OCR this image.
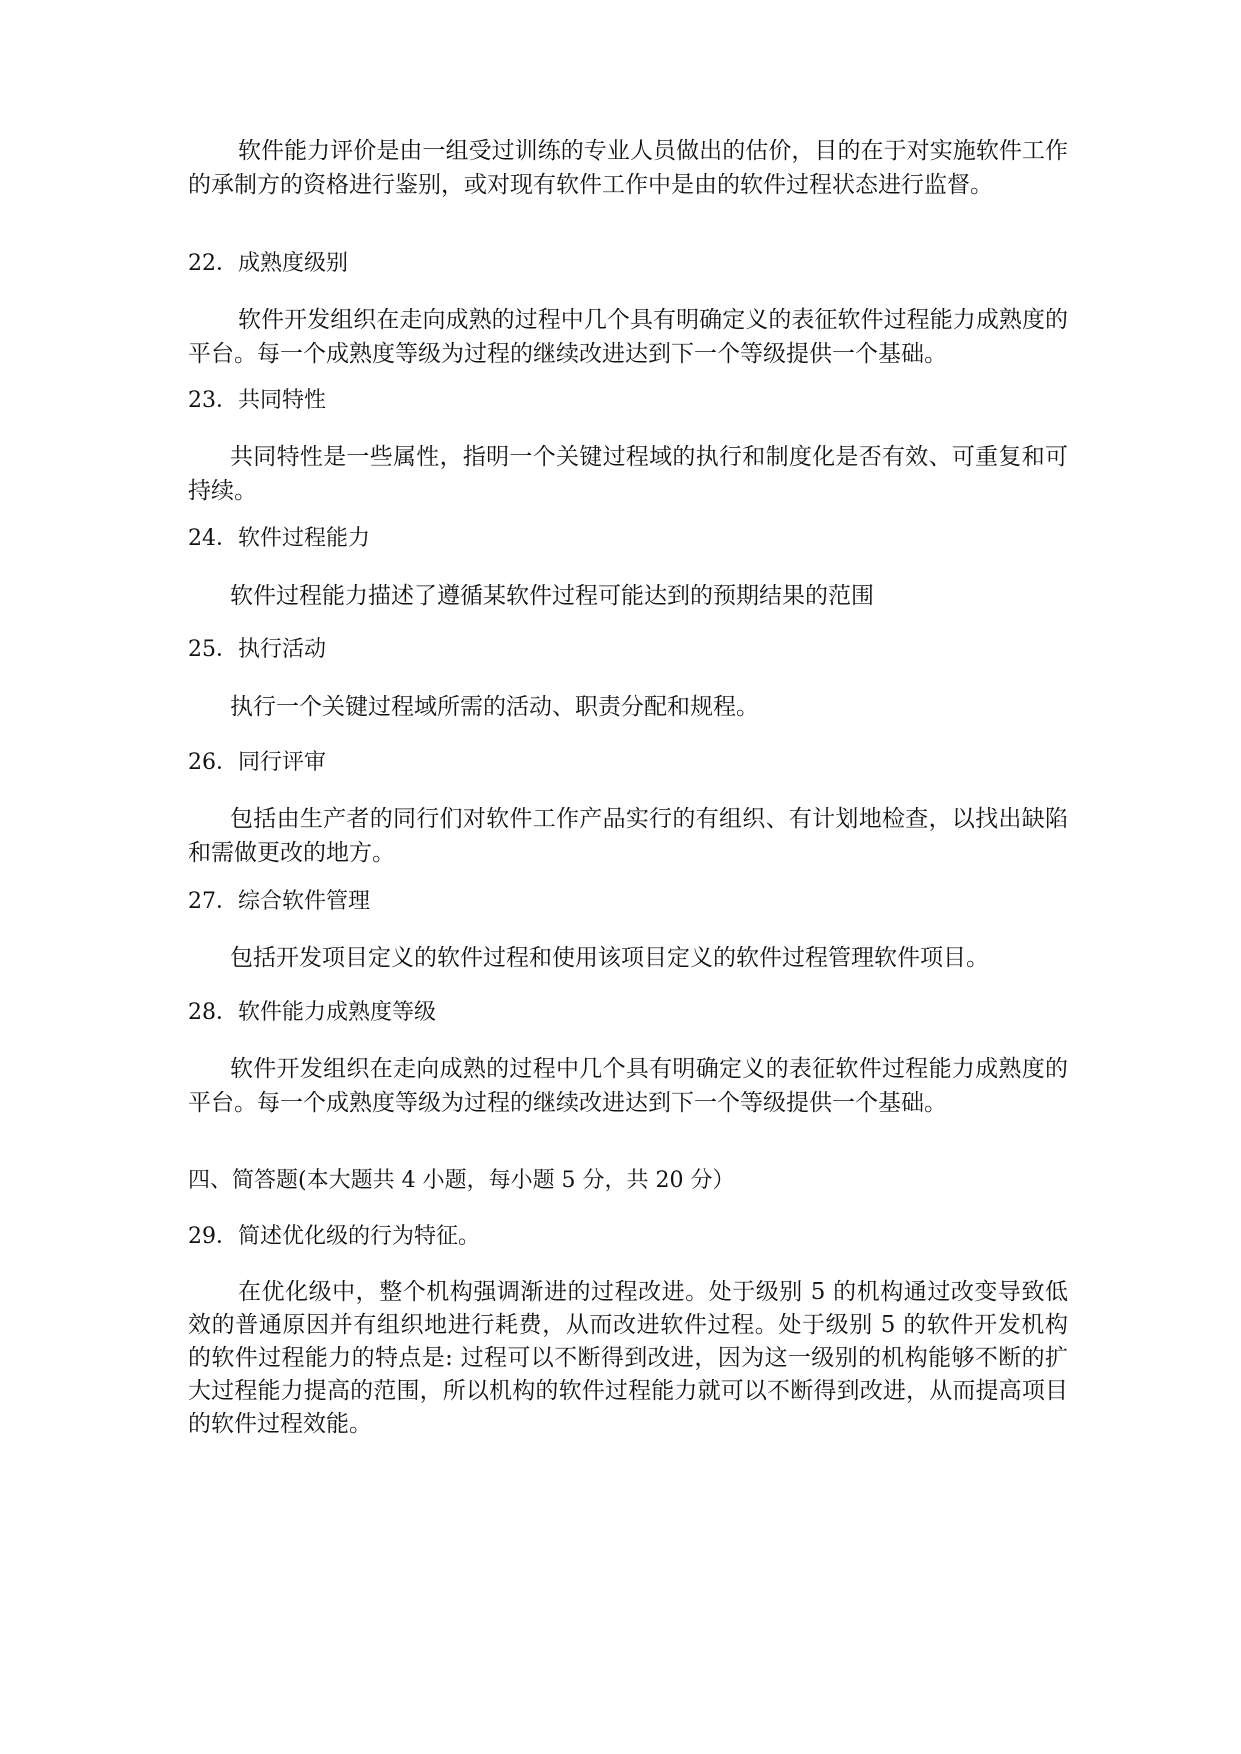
软件能力评价是由一组受过训练的专业人员做出的估价，目的在于对实施软件工作的承制方的资格进行鉴别，或对现有软件工作中是由的软件过程状态进行监督。

22．成熟度级别

软件开发组织在走向成熟的过程中几个具有明确定义的表征软件过程能力成熟度的平台。每一个成熟度等级为过程的继续改进达到下一个等级提供一个基础。

23．共同特性

共同特性是一些属性，指明一个关键过程域的执行和制度化是否有效、可重复和可持续。

24．软件过程能力

软件过程能力描述了遵循某软件过程可能达到的预期结果的范围

25．执行活动

执行一个关键过程域所需的活动、职责分配和规程。

26．同行评审

包括由生产者的同行们对软件工作产品实行的有组织、有计划地检查，以找出缺陷和需做更改的地方。

27．综合软件管理

包括开发项目定义的软件过程和使用该项目定义的软件过程管理软件项目。

28．软件能力成熟度等级

软件开发组织在走向成熟的过程中几个具有明确定义的表征软件过程能力成熟度的平台。每一个成熟度等级为过程的继续改进达到下一个等级提供一个基础。

四、简答题(本大题共 4 小题，每小题 5 分，共 20 分）

29．简述优化级的行为特征。

在优化级中，整个机构强调渐进的过程改进。处于级别 5 的机构通过改变导致低效的普通原因并有组织地进行耗费，从而改进软件过程。处于级别 5 的软件开发机构的软件过程能力的特点是: 过程可以不断得到改进，因为这一级别的机构能够不断的扩大过程能力提高的范围，所以机构的软件过程能力就可以不断得到改进，从而提高项目的软件过程效能。
